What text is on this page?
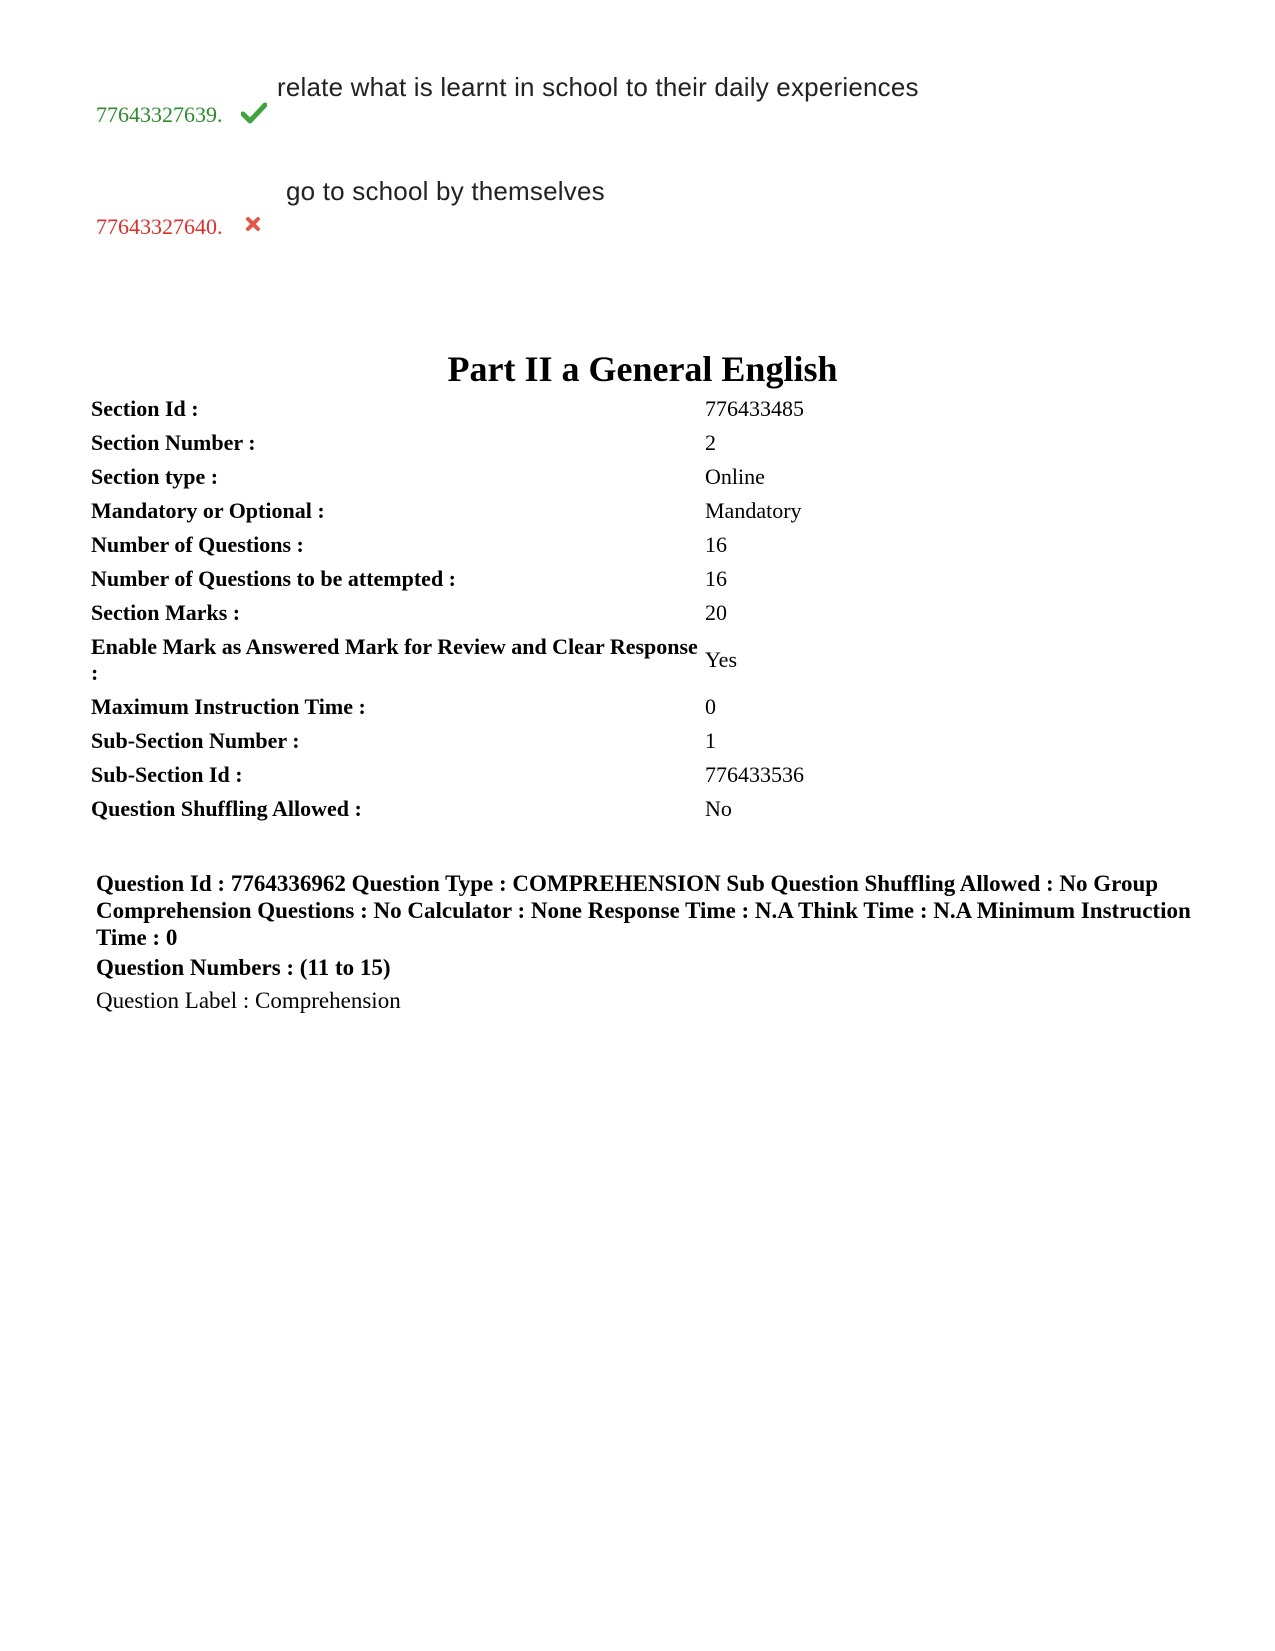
77643327639.
relate what is learnt in school to their daily experiences
77643327640.
go to school by themselves
Part II a General English
Section Id :	776433485
Section Number :	2
Section type :	Online
Mandatory or Optional :	Mandatory
Number of Questions :	16
Number of Questions to be attempted :	16
Section Marks :	20
Enable Mark as Answered Mark for Review and Clear Response :	Yes
Maximum Instruction Time :	0
Sub-Section Number :	1
Sub-Section Id :	776433536
Question Shuffling Allowed :	No
Question Id : 7764336962 Question Type : COMPREHENSION Sub Question Shuffling Allowed : No Group Comprehension Questions : No Calculator : None Response Time : N.A Think Time : N.A Minimum Instruction Time : 0
Question Numbers : (11 to 15)
Question Label : Comprehension
